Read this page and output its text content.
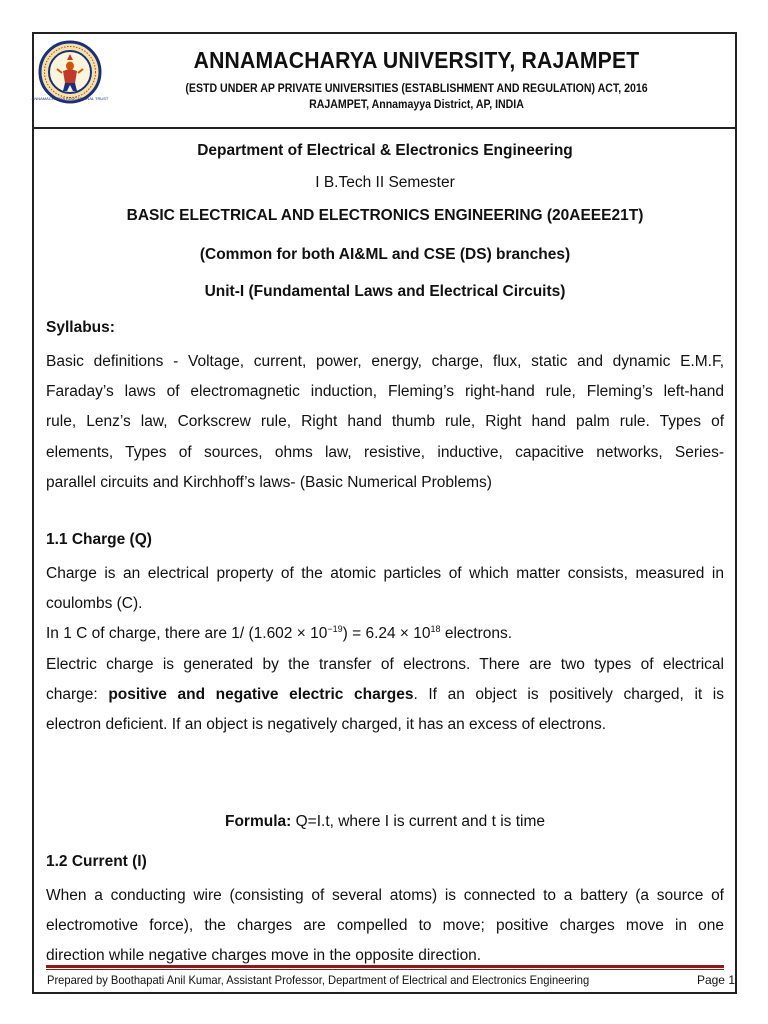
ANNAMACHARYA EDUCATIONAL TRUST
ANNAMACHARYA UNIVERSITY, RAJAMPET
(ESTD UNDER AP PRIVATE UNIVERSITIES (ESTABLISHMENT AND REGULATION) ACT, 2016
RAJAMPET, Annamayya District, AP, INDIA
Department of Electrical & Electronics Engineering
I B.Tech II Semester
BASIC ELECTRICAL AND ELECTRONICS ENGINEERING (20AEEE21T)
(Common for both AI&ML and CSE (DS) branches)
Unit-I (Fundamental Laws and Electrical Circuits)
Syllabus:
Basic definitions - Voltage, current, power, energy, charge, flux, static and dynamic E.M.F,
Faraday’s laws of electromagnetic induction, Fleming’s right-hand rule, Fleming’s left-hand
rule, Lenz’s law, Corkscrew rule, Right hand thumb rule, Right hand palm rule. Types of
elements, Types of sources, ohms law, resistive, inductive, capacitive networks, Series-
parallel circuits and Kirchhoff’s laws- (Basic Numerical Problems)
1.1 Charge (Q)
Charge is an electrical property of the atomic particles of which matter consists, measured in
coulombs (C).
In 1 C of charge, there are 1/ $(1.602 \times 10^{-19}) = 6.24 \times 10^{18}$ electrons.
Electric charge is generated by the transfer of electrons. There are two types of electrical
charge: positive and negative electric charges. If an object is positively charged, it is
electron deficient. If an object is negatively charged, it has an excess of electrons.
Formula: Q=I.t, where I is current and t is time
1.2 Current (I)
When a conducting wire (consisting of several atoms) is connected to a battery (a source of
electromotive force), the charges are compelled to move; positive charges move in one
direction while negative charges move in the opposite direction.
Prepared by Boothapati Anil Kumar, Assistant Professor, Department of Electrical and Electronics Engineering	Page 1
